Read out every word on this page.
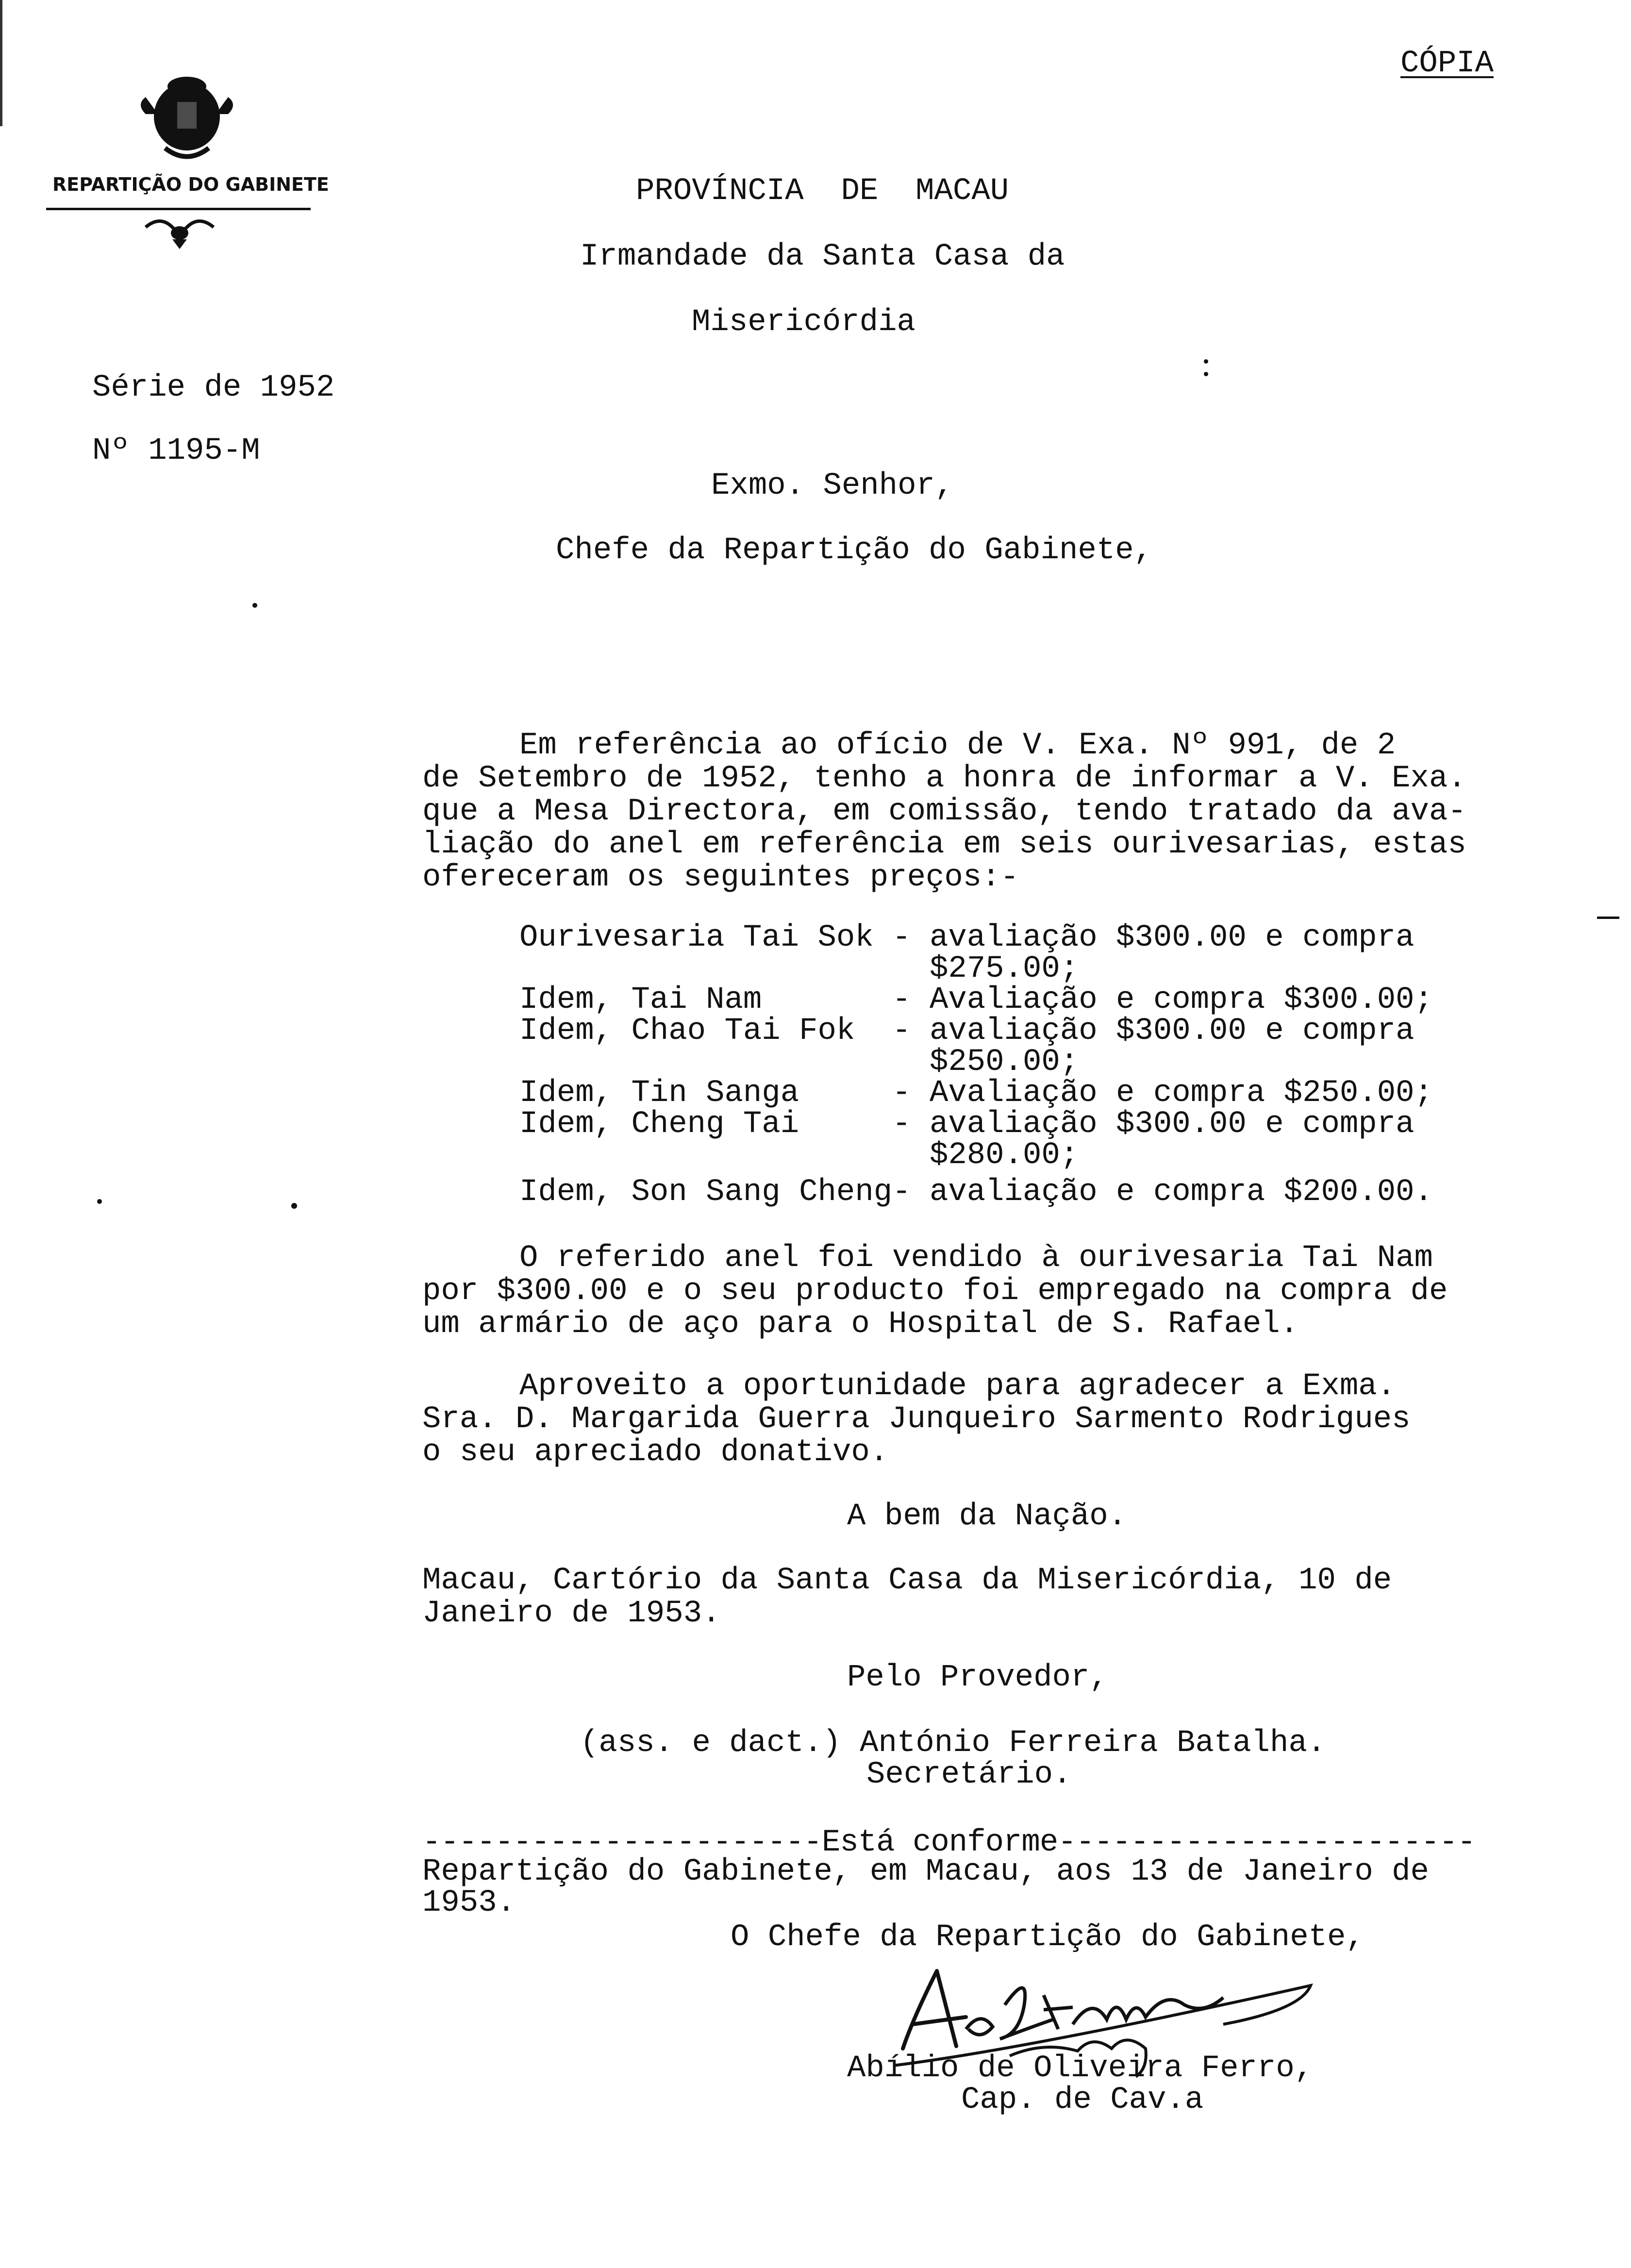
CÓPIA
REPARTIÇÃO DO GABINETE	PROVÍNCIA  DE  MACAU
Irmandade da Santa Casa da
Misericórdia
Série de 1952
Nº 1195-M
Exmo. Senhor,
Chefe da Repartição do Gabinete,
Em referência ao ofício de V. Exa. Nº 991, de 2
de Setembro de 1952, tenho a honra de informar a V. Exa.
que a Mesa Directora, em comissão, tendo tratado da ava-
liação do anel em referência em seis ourivesarias, estas
ofereceram os seguintes preços:-
Ourivesaria Tai Sok - avaliação $300.00 e compra
$275.00;
Idem, Tai Nam       - Avaliação e compra $300.00;
Idem, Chao Tai Fok  - avaliação $300.00 e compra
$250.00;
Idem, Tin Sanga     - Avaliação e compra $250.00;
Idem, Cheng Tai     - avaliação $300.00 e compra
$280.00;
Idem, Son Sang Cheng- avaliação e compra $200.00.
O referido anel foi vendido à ourivesaria Tai Nam
por $300.00 e o seu producto foi empregado na compra de
um armário de aço para o Hospital de S. Rafael.
Aproveito a oportunidade para agradecer a Exma.
Sra. D. Margarida Guerra Junqueiro Sarmento Rodrigues
o seu apreciado donativo.
A bem da Nação.
Macau, Cartório da Santa Casa da Misericórdia, 10 de
Janeiro de 1953.
Pelo Provedor,
(ass. e dact.) António Ferreira Batalha.
Secretário.
----------------------Está conforme-----------------------
Repartição do Gabinete, em Macau, aos 13 de Janeiro de
1953.
O Chefe da Repartição do Gabinete,
Abílio de Oliveira Ferro,
Cap. de Cav.a
